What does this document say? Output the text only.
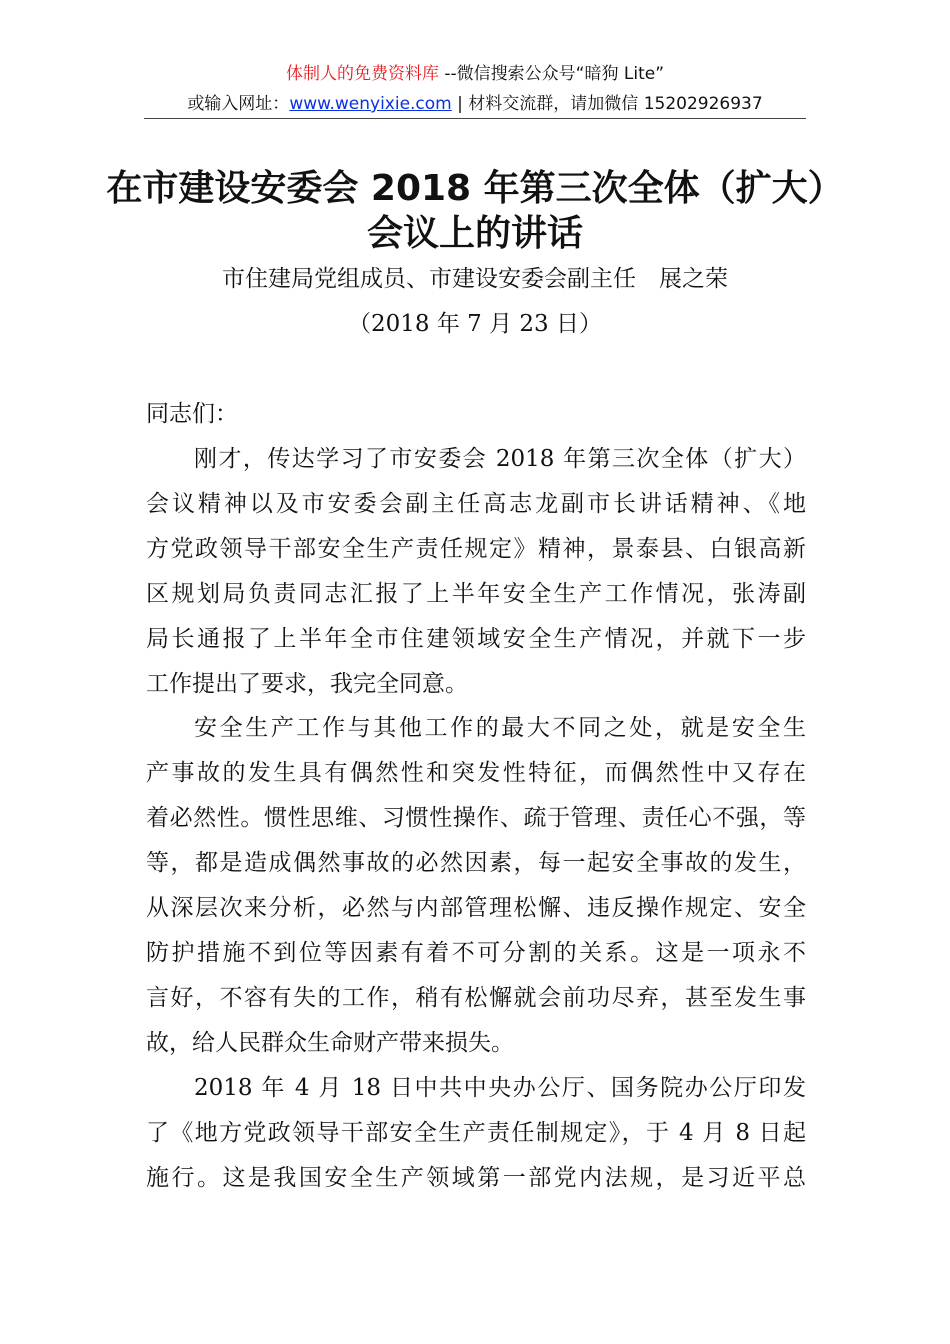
体制人的免费资料库 --微信搜索公众号“暗狗 Lite”
或输入网址：www.wenyixie.com | 材料交流群，请加微信 15202926937
在市建设安委会 2018 年第三次全体（扩大）
会议上的讲话
市住建局党组成员、市建设安委会副主任　展之荣
（2018 年 7 月 23 日）
同志们：
刚才，传达学习了市安委会 2018 年第三次全体（扩大）
会议精神以及市安委会副主任高志龙副市长讲话精神、《地
方党政领导干部安全生产责任规定》精神，景泰县、白银高新
区规划局负责同志汇报了上半年安全生产工作情况，张涛副
局长通报了上半年全市住建领域安全生产情况，并就下一步
工作提出了要求，我完全同意。
安全生产工作与其他工作的最大不同之处，就是安全生
产事故的发生具有偶然性和突发性特征，而偶然性中又存在
着必然性。惯性思维、习惯性操作、疏于管理、责任心不强，等
等，都是造成偶然事故的必然因素，每一起安全事故的发生，
从深层次来分析，必然与内部管理松懈、违反操作规定、安全
防护措施不到位等因素有着不可分割的关系。这是一项永不
言好，不容有失的工作，稍有松懈就会前功尽弃，甚至发生事
故，给人民群众生命财产带来损失。
2018 年 4 月 18 日中共中央办公厅、国务院办公厅印发
了《地方党政领导干部安全生产责任制规定》，于 4 月 8 日起
施行。这是我国安全生产领域第一部党内法规，是习近平总
